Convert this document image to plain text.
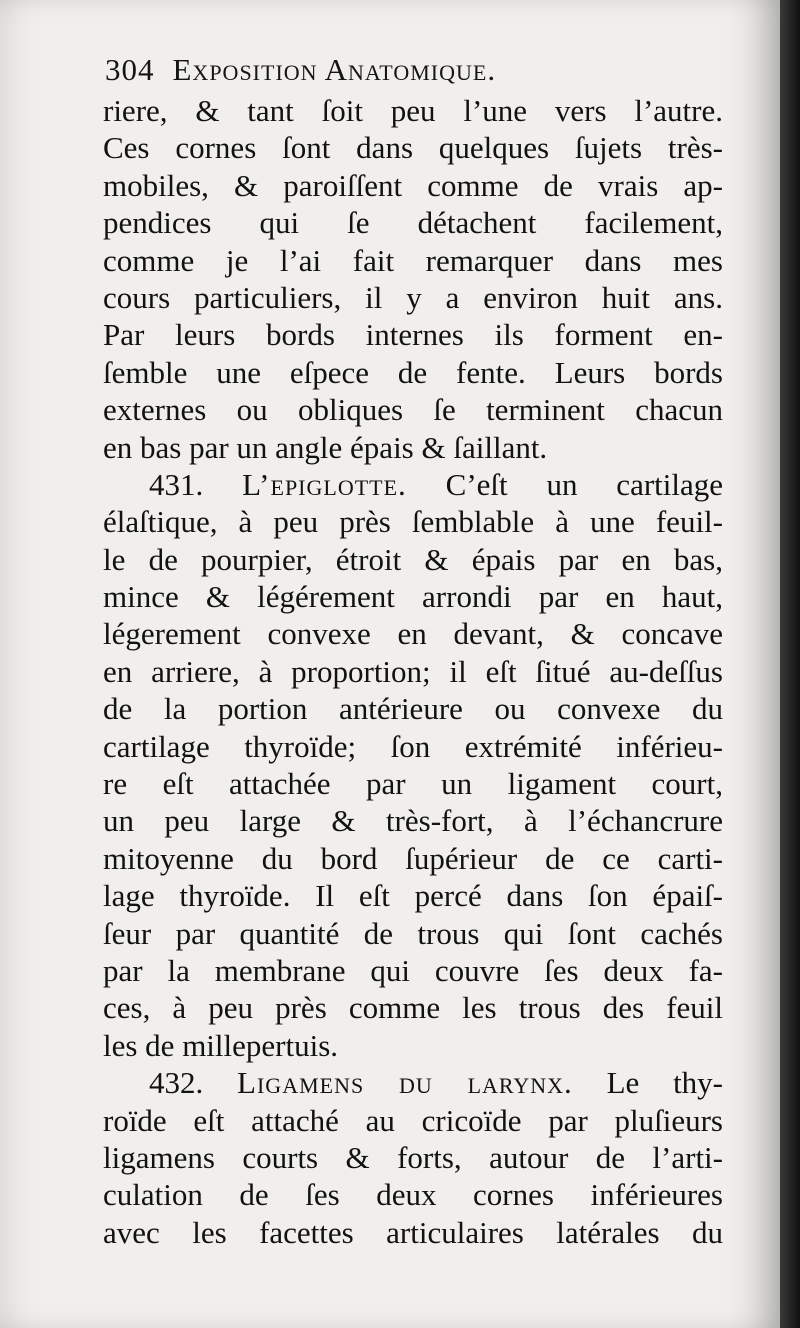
304 Exposition Anatomique.
riere, & tant ſoit peu l’une vers l’autre.
Ces cornes ſont dans quelques ſujets très-
mobiles, & paroiſſent comme de vrais ap-
pendices qui ſe détachent facilement,
comme je l’ai fait remarquer dans mes
cours particuliers, il y a environ huit ans.
Par leurs bords internes ils forment en-
ſemble une eſpece de fente. Leurs bords
externes ou obliques ſe terminent chacun
en bas par un angle épais & ſaillant.
431. L’epiglotte. C’eſt un cartilage
élaſtique, à peu près ſemblable à une feuil-
le de pourpier, étroit & épais par en bas,
mince & légérement arrondi par en haut,
légerement convexe en devant, & concave
en arriere, à proportion; il eſt ſitué au-deſſus
de la portion antérieure ou convexe du
cartilage thyroïde; ſon extrémité inférieu-
re eſt attachée par un ligament court,
un peu large & très-fort, à l’échancrure
mitoyenne du bord ſupérieur de ce carti-
lage thyroïde. Il eſt percé dans ſon épaiſ-
ſeur par quantité de trous qui ſont cachés
par la membrane qui couvre ſes deux fa-
ces, à peu près comme les trous des feuil
les de millepertuis.
432. Ligamens du larynx. Le thy-
roïde eſt attaché au cricoïde par pluſieurs
ligamens courts & forts, autour de l’arti-
culation de ſes deux cornes inférieures
avec les facettes articulaires latérales du
